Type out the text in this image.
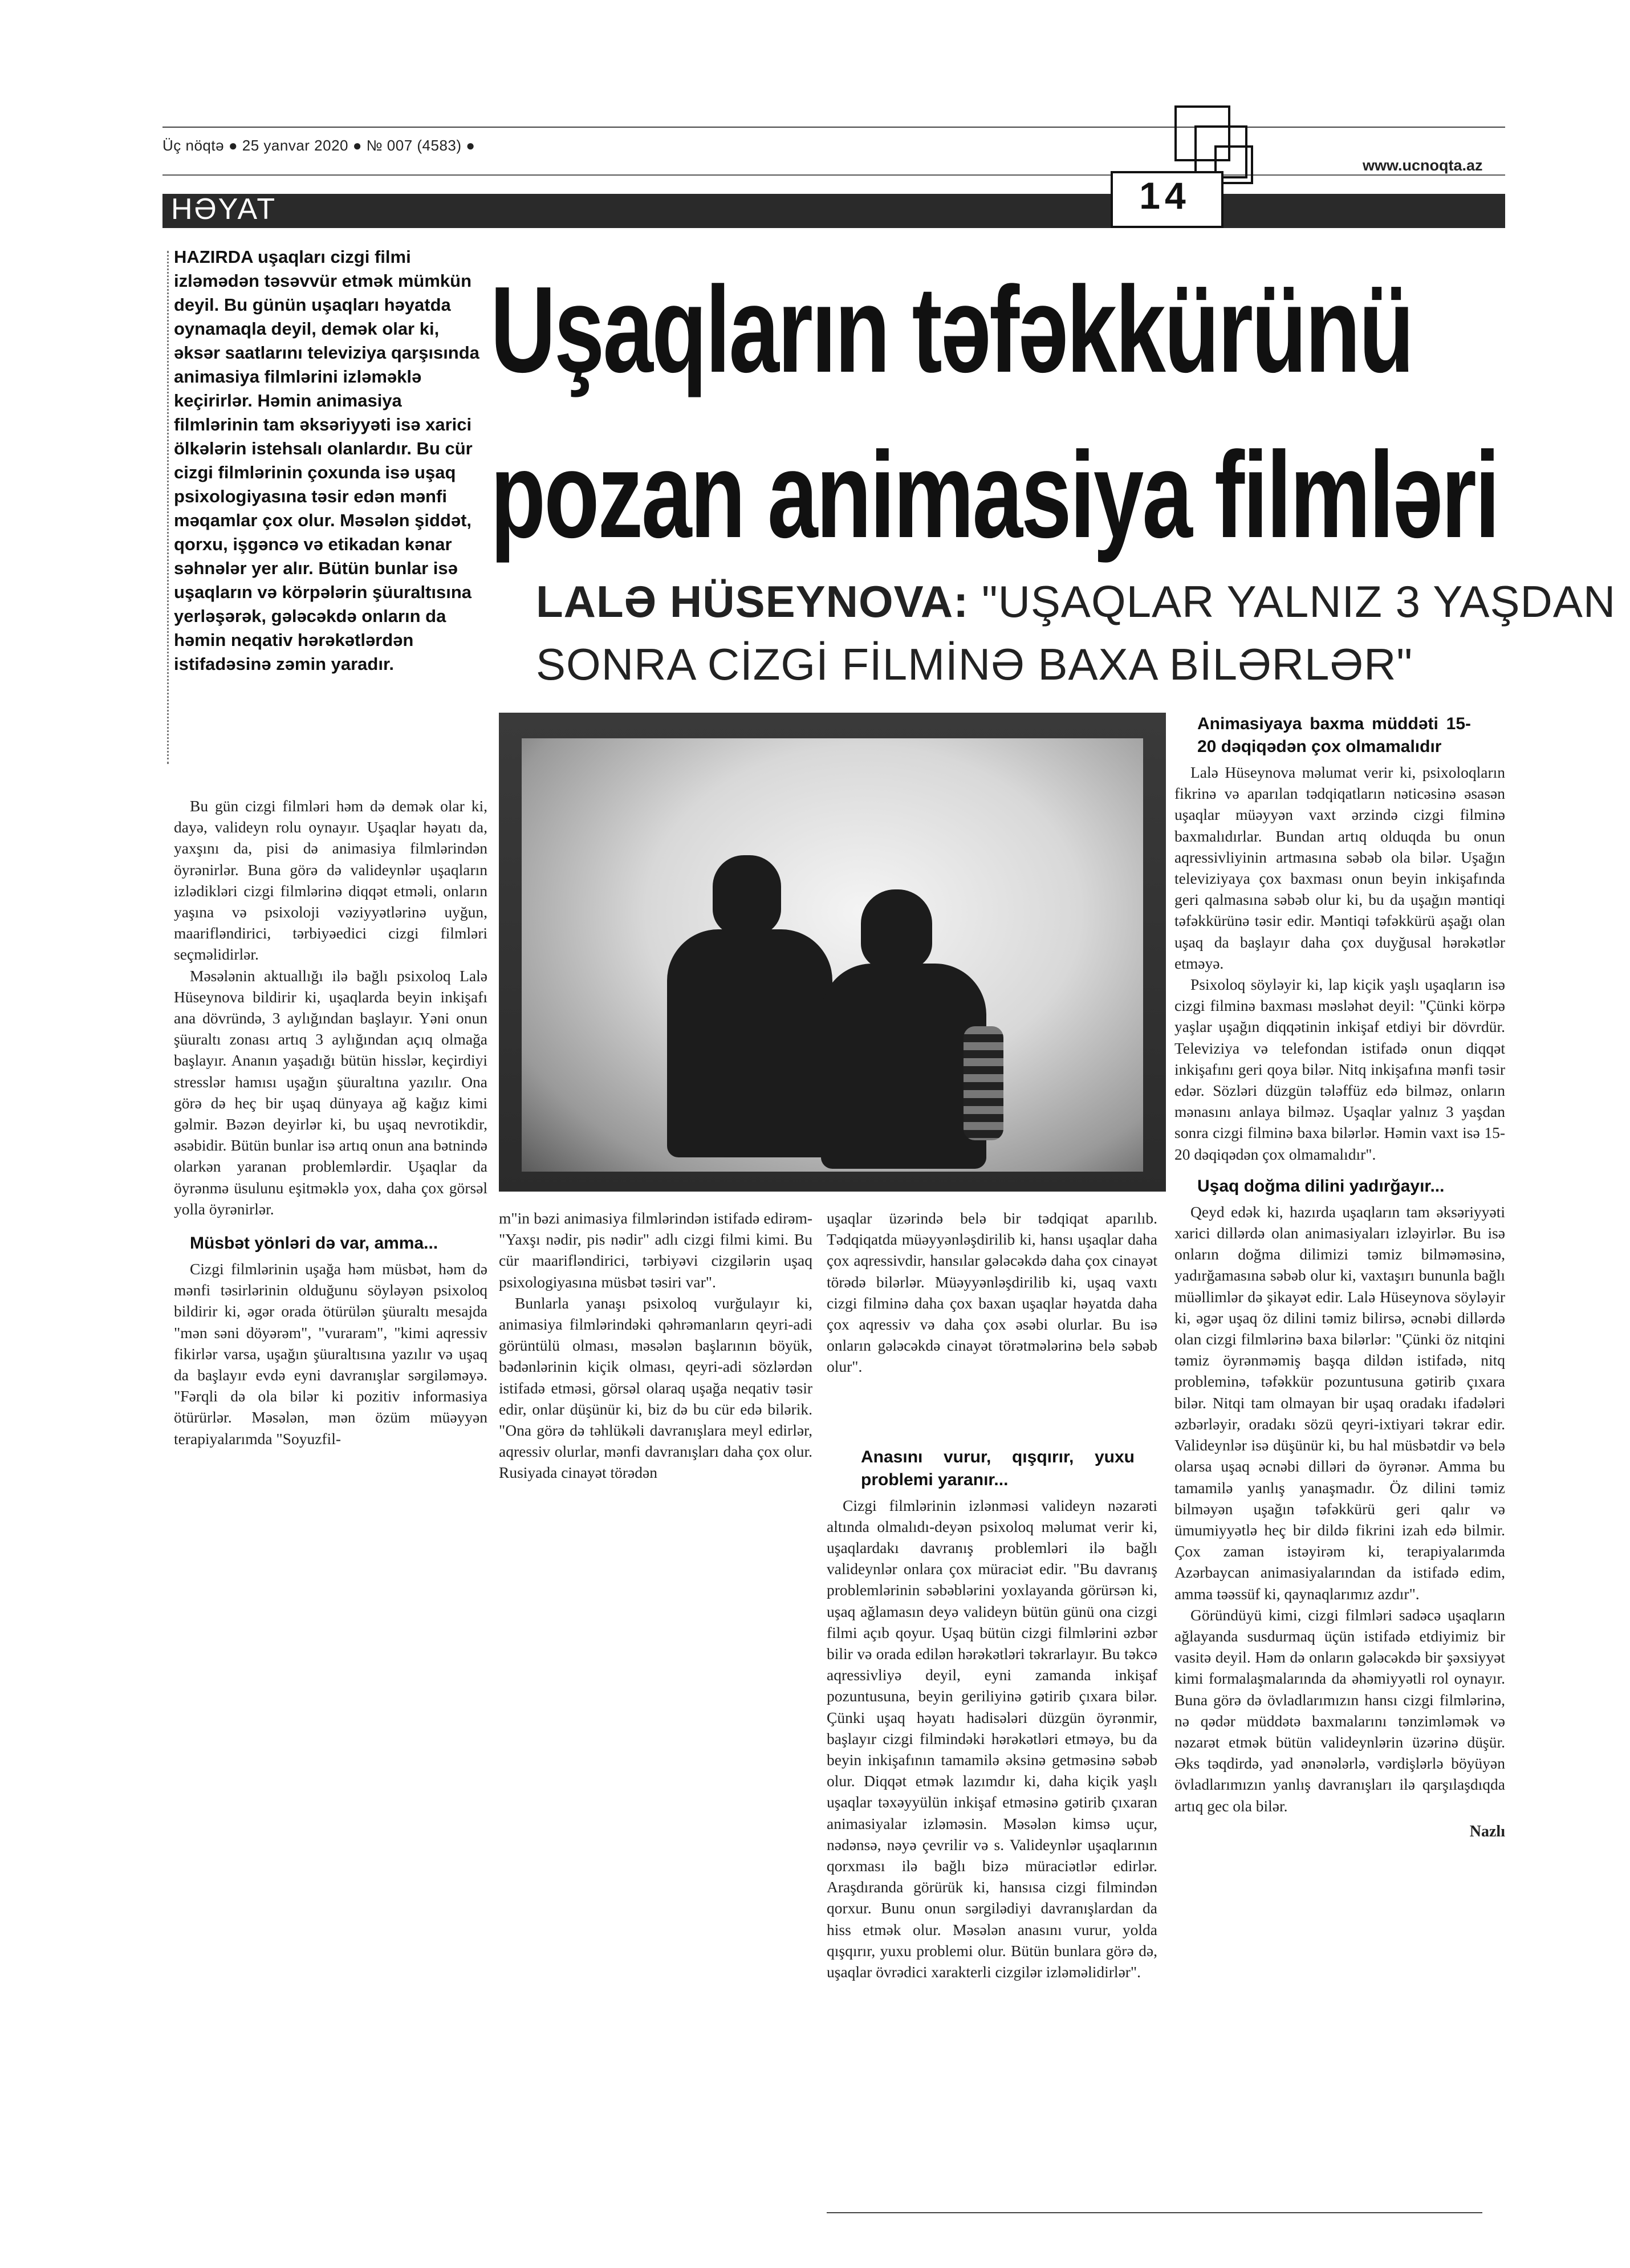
Üç nöqtə ● 25 yanvar 2020 ● № 007 (4583) ●
www.ucnoqta.az
HƏYAT	14
Uşaqların təfəkkürünü
pozan animasiya filmləri
LALƏ HÜSEYNOVA: "UŞAQLAR YALNIZ 3 YAŞDAN
SONRA CİZGİ FİLMİNƏ BAXA BİLƏRLƏR"
HAZIRDA uşaqları cizgi filmi izləmədən təsəvvür etmək mümkün deyil. Bu günün uşaqları həyatda oynamaqla deyil, demək olar ki, əksər saatlarını televiziya qarşısında animasiya filmlərini izləməklə keçirirlər. Həmin animasiya filmlərinin tam əksəriyyəti isə xarici ölkələrin istehsalı olanlardır. Bu cür cizgi filmlərinin çoxunda isə uşaq psixologiyasına təsir edən mənfi məqamlar çox olur. Məsələn şiddət, qorxu, işgəncə və etikadan kənar səhnələr yer alır. Bütün bunlar isə uşaqların və körpələrin şüuraltısına yerləşərək, gələcəkdə onların da həmin neqativ hərəkətlərdən istifadəsinə zəmin yaradır.

Bu gün cizgi filmləri həm də demək olar ki, dayə, valideyn rolu oynayır. Uşaqlar həyatı da, yaxşını da, pisi də animasiya filmlərindən öyrənirlər. Buna görə də valideynlər uşaqların izlədikləri cizgi filmlərinə diqqət etməli, onların yaşına və psixoloji vəziyyətlərinə uyğun, maarifləndirici, tərbiyəedici cizgi filmləri seçməlidirlər.

Məsələnin aktuallığı ilə bağlı psixoloq Lalə Hüseynova bildirir ki, uşaqlarda beyin inkişafı ana dövründə, 3 aylığından başlayır. Yəni onun şüuraltı zonası artıq 3 aylığından açıq olmağa başlayır. Ananın yaşadığı bütün hisslər, keçirdiyi stresslər hamısı uşağın şüuraltına yazılır. Ona görə də heç bir uşaq dünyaya ağ kağız kimi gəlmir. Bəzən deyirlər ki, bu uşaq nevrotikdir, əsəbidir. Bütün bunlar isə artıq onun ana bətnində olarkən yaranan problemlərdir. Uşaqlar da öyrənmə üsulunu eşitməklə yox, daha çox görsəl yolla öyrənirlər.

Müsbət yönləri də var, amma...

Cizgi filmlərinin uşağa həm müsbət, həm də mənfi təsirlərinin olduğunu söyləyən psixoloq bildirir ki, əgər orada ötürülən şüuraltı mesajda "mən səni döyərəm", "vuraram", "kimi aqressiv fikirlər varsa, uşağın şüuraltısına yazılır və uşaq da başlayır evdə eyni davranışlar sərgiləməyə. "Fərqli də ola bilər ki pozitiv informasiya ötürürlər. Məsələn, mən özüm müəyyən terapiyalarımda "Soyuzfil-

m"in bəzi animasiya filmlərindən istifadə edirəm- "Yaxşı nədir, pis nədir" adlı cizgi filmi kimi. Bu cür maarifləndirici, tərbiyəvi cizgilərin uşaq psixologiyasına müsbət təsiri var".

Bunlarla yanaşı psixoloq vurğulayır ki, animasiya filmlərindəki qəhrəmanların qeyri-adi görüntülü olması, məsələn başlarının böyük, bədənlərinin kiçik olması, qeyri-adi sözlərdən istifadə etməsi, görsəl olaraq uşağa neqativ təsir edir, onlar düşünür ki, biz də bu cür edə bilərik. "Ona görə də təhlükəli davranışlara meyl edirlər, aqressiv olurlar, mənfi davranışları daha çox olur. Rusiyada cinayət törədən

uşaqlar üzərində belə bir tədqiqat aparılıb. Tədqiqatda müəyyənləşdirilib ki, hansı uşaqlar daha çox aqressivdir, hansılar gələcəkdə daha çox cinayət törədə bilərlər. Müəyyənləşdirilib ki, uşaq vaxtı cizgi filminə daha çox baxan uşaqlar həyatda daha çox aqressiv və daha çox əsəbi olurlar. Bu isə onların gələcəkdə cinayət törətmələrinə belə səbəb olur".

Anasını vurur, qışqırır, yuxu problemi yaranır...

Cizgi filmlərinin izlənməsi valideyn nəzarəti altında olmalıdı-deyən psixoloq məlumat verir ki, uşaqlardakı davranış problemləri ilə bağlı valideynlər onlara çox müraciət edir. "Bu davranış problemlərinin səbəblərini yoxlayanda görürsən ki, uşaq ağlamasın deyə valideyn bütün günü ona cizgi filmi açıb qoyur. Uşaq bütün cizgi filmlərini əzbər bilir və orada edilən hərəkətləri təkrarlayır. Bu təkcə aqressivliyə deyil, eyni zamanda inkişaf pozuntusuna, beyin geriliyinə gətirib çıxara bilər. Çünki uşaq həyatı hadisələri düzgün öyrənmir, başlayır cizgi filmindəki hərəkətləri etməyə, bu da beyin inkişafının tamamilə əksinə getməsinə səbəb olur. Diqqət etmək lazımdır ki, daha kiçik yaşlı uşaqlar təxəyyülün inkişaf etməsinə gətirib çıxaran animasiyalar izləməsin. Məsələn kimsə uçur, nədənsə, nəyə çevrilir və s. Valideynlər uşaqlarının qorxması ilə bağlı bizə müraciətlər edirlər. Araşdıranda görürük ki, hansısa cizgi filmindən qorxur. Bunu onun sərgilədiyi davranışlardan da hiss etmək olur. Məsələn anasını vurur, yoldа qışqırır, yuxu problemi olur. Bütün bunlara görə də, uşaqlar övrədici xarakterli cizgilər izləməlidirlər".

Animasiyaya baxma müddəti 15-20 dəqiqədən çox olmamalıdır

Lalə Hüseynova məlumat verir ki, psixoloqların fikrinə və aparılan tədqiqatların nəticəsinə əsasən uşaqlar müəyyən vaxt ərzində cizgi filminə baxmalıdırlar. Bundan artıq olduqda bu onun aqressivliyinin artmasına səbəb ola bilər. Uşağın televiziyaya çox baxması onun beyin inkişafında geri qalmasına səbəb olur ki, bu da uşağın məntiqi təfəkkürünə təsir edir. Məntiqi təfəkkürü aşağı olan uşaq da başlayır daha çox duyğusal hərəkətlər etməyə.

Psixoloq söyləyir ki, lap kiçik yaşlı uşaqların isə cizgi filminə baxması məsləhət deyil: "Çünki körpə yaşlar uşağın diqqətinin inkişaf etdiyi bir dövrdür. Televiziya və telefondan istifadə onun diqqət inkişafını geri qoya bilər. Nitq inkişafına mənfi təsir edər. Sözləri düzgün tələffüz edə bilməz, onların mənasını anlaya bilməz. Uşaqlar yalnız 3 yaşdan sonra cizgi filminə baxa bilərlər. Həmin vaxt isə 15-20 dəqiqədən çox olmamalıdır".

Uşaq doğma dilini yadırğayır...

Qeyd edək ki, hazırda uşaqların tam əksəriyyəti xarici dillərdə olan animasiyaları izləyirlər. Bu isə onların doğma dilimizi təmiz bilməməsinə, yadırğamasına səbəb olur ki, vaxtaşırı bununla bağlı müəllimlər də şikayət edir. Lalə Hüseynova söyləyir ki, əgər uşaq öz dilini təmiz bilirsə, əcnəbi dillərdə olan cizgi filmlərinə baxa bilərlər: "Çünki öz nitqini təmiz öyrənməmiş başqa dildən istifadə, nitq probleminə, təfəkkür pozuntusuna gətirib çıxara bilər. Nitqi tam olmayan bir uşaq oradakı ifadələri əzbərləyir, oradakı sözü qeyri-ixtiyari təkrar edir. Valideynlər isə düşünür ki, bu hal müsbətdir və belə olarsa uşaq əcnəbi dilləri də öyrənər. Amma bu tamamilə yanlış yanaşmadır. Öz dilini təmiz bilməyən uşağın təfəkkürü geri qalır və ümumiyyətlə heç bir dildə fikrini izah edə bilmir. Çox zaman istəyirəm ki, terapiyalarımda Azərbaycan animasiyalarından da istifadə edim, amma təəssüf ki, qaynaqlarımız azdır".

Göründüyü kimi, cizgi filmləri sadəcə uşaqların ağlayanda susdurmaq üçün istifadə etdiyimiz bir vasitə deyil. Həm də onların gələcəkdə bir şəxsiyyət kimi formalaşmalarında da əhəmiyyətli rol oynayır. Buna görə də övladlarımızın hansı cizgi filmlərinə, nə qədər müddətə baxmalarını tənzimləmək və nəzarət etmək bütün valideynlərin üzərinə düşür. Əks təqdirdə, yad ənənələrlə, vərdişlərlə böyüyən övladlarımızın yanlış davranışları ilə qarşılaşdıqda artıq gec ola bilər.

Nazlı
